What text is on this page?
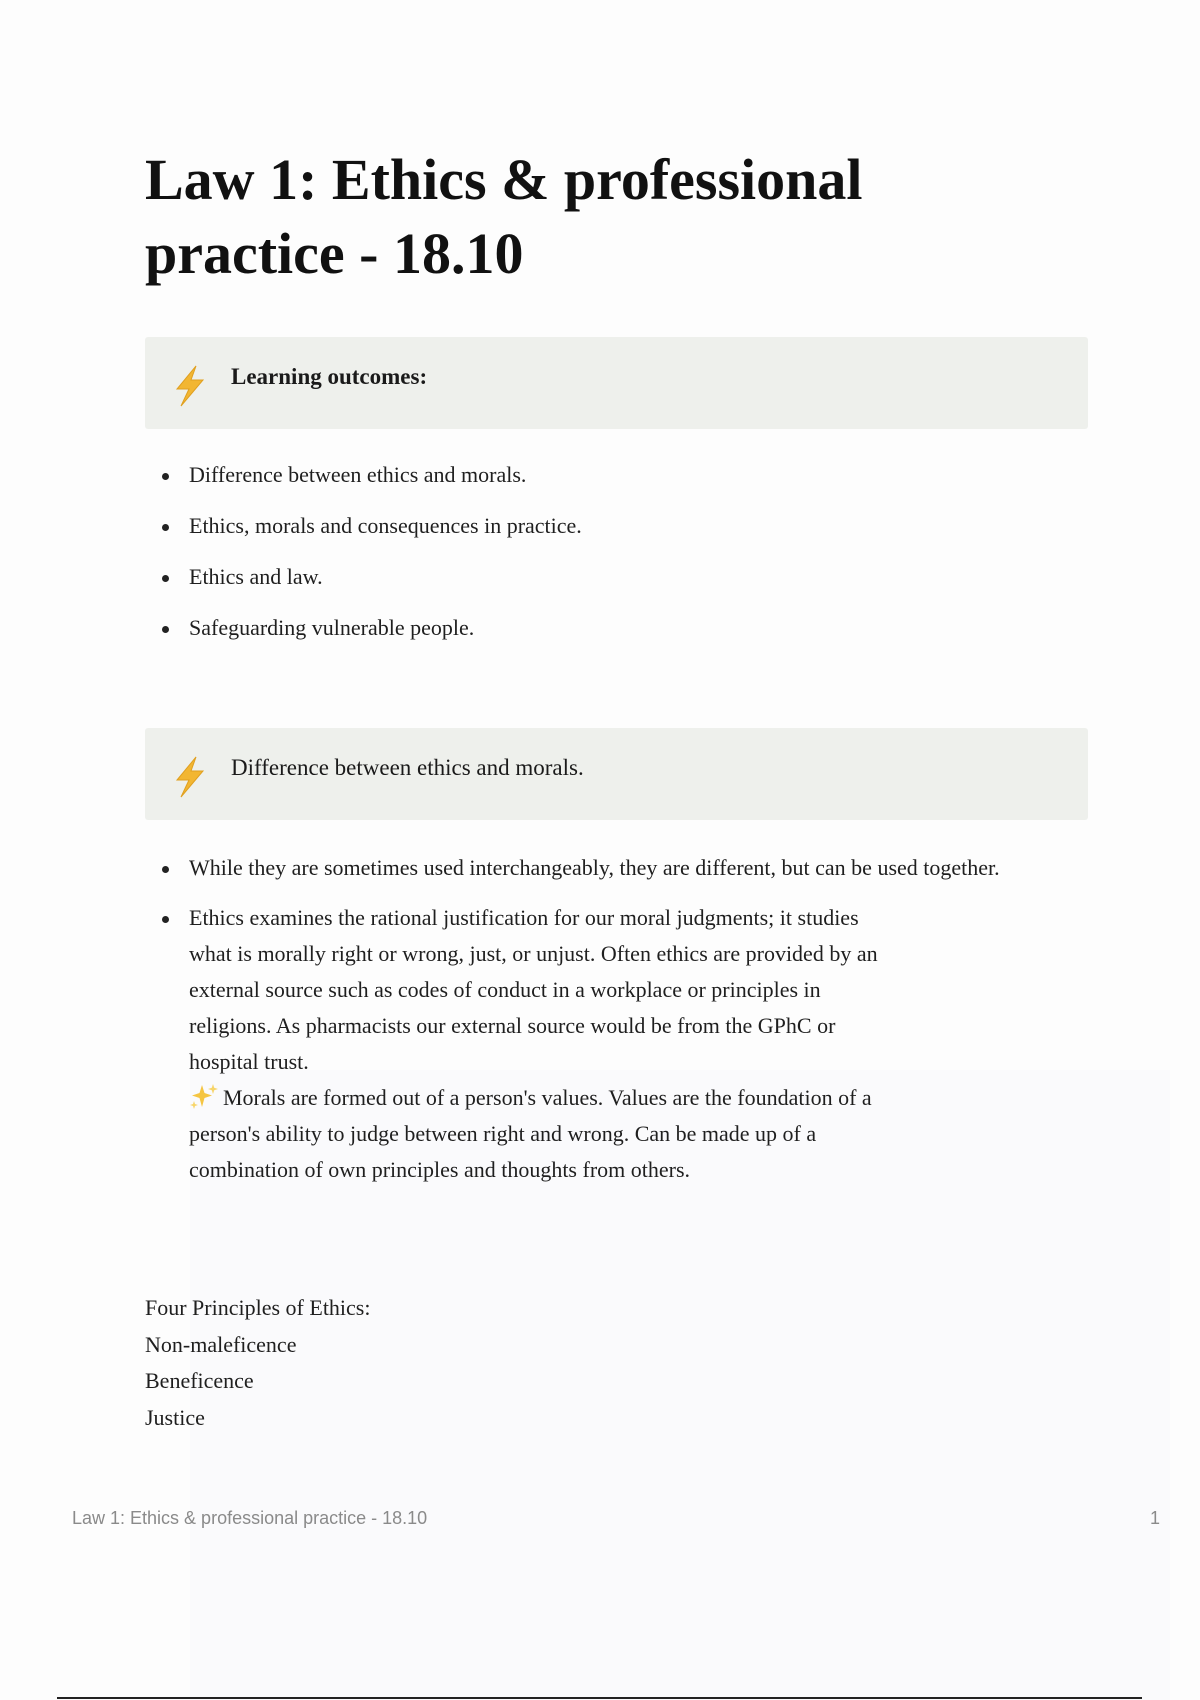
Law 1: Ethics & professional practice - 18.10
Learning outcomes:
Difference between ethics and morals.
Ethics, morals and consequences in practice.
Ethics and law.
Safeguarding vulnerable people.
Difference between ethics and morals.
While they are sometimes used interchangeably, they are different, but can be used together.
Ethics examines the rational justification for our moral judgments; it studies
what is morally right or wrong, just, or unjust. Often ethics are provided by an
external source such as codes of conduct in a workplace or principles in
religions. As pharmacists our external source would be from the GPhC or
hospital trust.
Morals are formed out of a person's values. Values are the foundation of a
person's ability to judge between right and wrong. Can be made up of a
combination of own principles and thoughts from others.
Four Principles of Ethics:
Non-maleficence
Beneficence
Justice
Law 1: Ethics & professional practice - 18.10	1
